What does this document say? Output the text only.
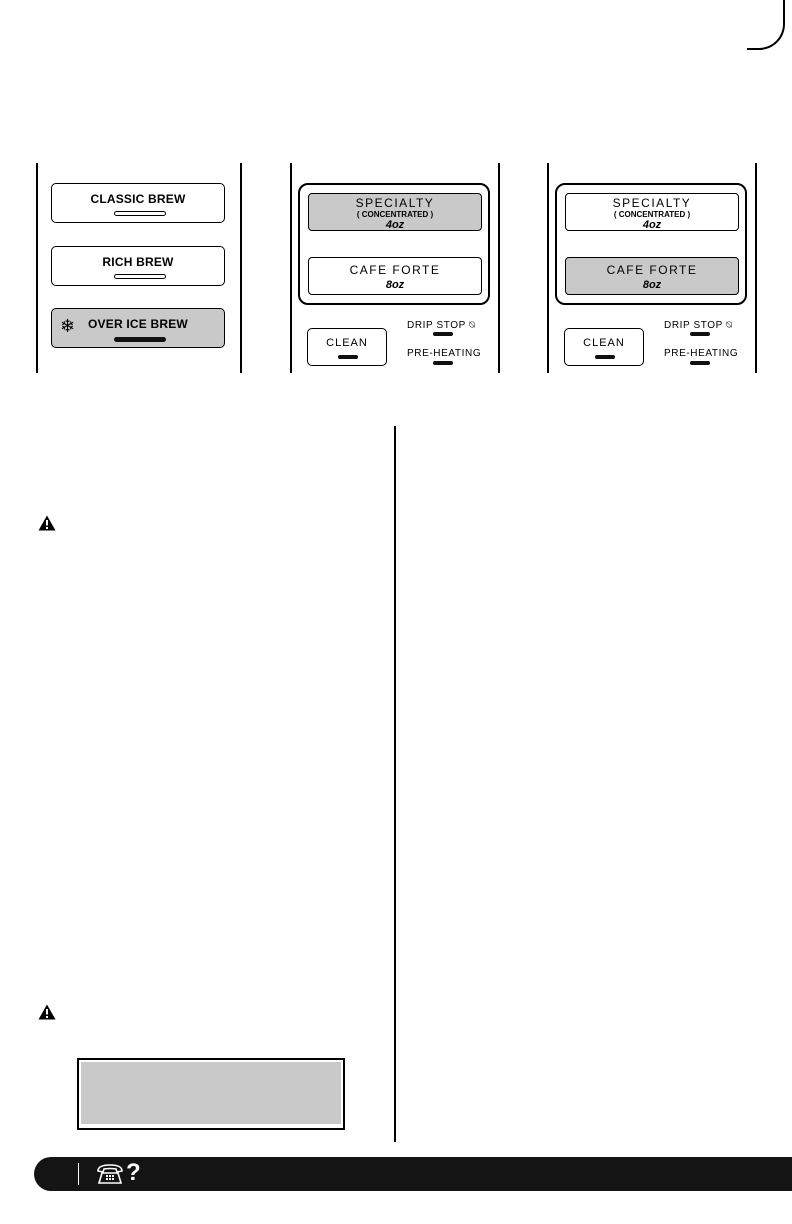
CLASSIC BREW
RICH BREW
❄	OVER ICE BREW
SPECIALTY
( CONCENTRATED )
4oz
CAFE FORTE
8oz
CLEAN
DRIP STOP ⍉
PRE-HEATING
SPECIALTY
( CONCENTRATED )
4oz
CAFE FORTE
8oz
CLEAN
DRIP STOP ⍉
PRE-HEATING
?
